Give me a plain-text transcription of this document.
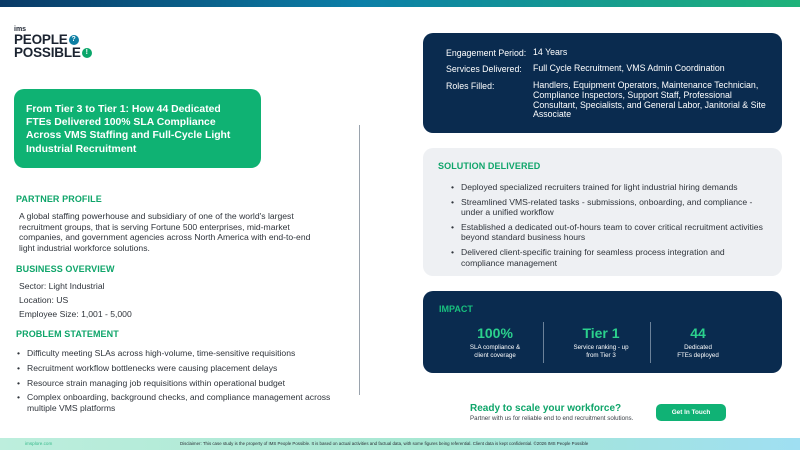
ims
PEOPLE ?
POSSIBLE !
From Tier 3 to Tier 1: How 44 Dedicated FTEs Delivered 100% SLA Compliance Across VMS Staffing and Full-Cycle Light Industrial Recruitment
PARTNER PROFILE
A global staffing powerhouse and subsidiary of one of the world's largest recruitment groups, that is serving Fortune 500 enterprises, mid-market companies, and government agencies across North America with end-to-end light industrial workforce solutions.
BUSINESS OVERVIEW
Sector: Light Industrial
Location: US
Employee Size: 1,001 - 5,000
PROBLEM STATEMENT
• Difficulty meeting SLAs across high-volume, time-sensitive requisitions
• Recruitment workflow bottlenecks were causing placement delays
• Resource strain managing job requisitions within operational budget
• Complex onboarding, background checks, and compliance management across multiple VMS platforms
Engagement Period: 14 Years
Services Delivered: Full Cycle Recruitment, VMS Admin Coordination
Roles Filled:	Handlers, Equipment Operators, Maintenance Technician, Compliance Inspectors, Support Staff, Professional Consultant, Specialists, and General Labor, Janitorial & Site Associate
SOLUTION DELIVERED
• Deployed specialized recruiters trained for light industrial hiring demands
• Streamlined VMS-related tasks - submissions, onboarding, and compliance - under a unified workflow
• Established a dedicated out-of-hours team to cover critical recruitment activities beyond standard business hours
• Delivered client-specific training for seamless process integration and compliance management
IMPACT
100%
SLA compliance & client coverage
Tier 1
Service ranking - up from Tier 3
44
Dedicated FTEs deployed
Ready to scale your workforce?
Partner with us for reliable end to end recruitment solutions.
Get In Touch
imsplore.com	Disclaimer: This case study is the property of IMS People Possible. It is based on actual activities and factual data, with some figures being referential. Client data is kept confidential. ©2026 IMS People Possible
